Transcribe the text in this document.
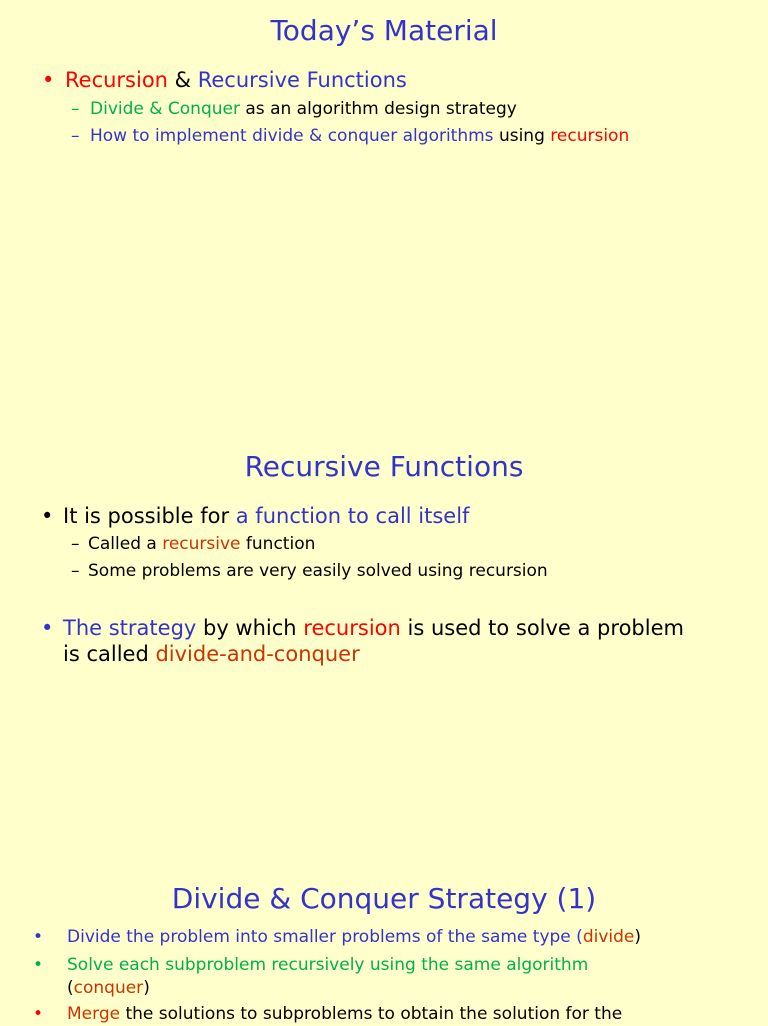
Today’s Material
• Recursion & Recursive Functions
– Divide & Conquer as an algorithm design strategy
– How to implement divide & conquer algorithms using recursion
Recursive Functions
• It is possible for a function to call itself
– Called a recursive function
– Some problems are very easily solved using recursion
• The strategy by which recursion is used to solve a problem
is called divide-and-conquer
Divide & Conquer Strategy (1)
• Divide the problem into smaller problems of the same type (divide)
• Solve each subproblem recursively using the same algorithm
(conquer)
• Merge the solutions to subproblems to obtain the solution for the
